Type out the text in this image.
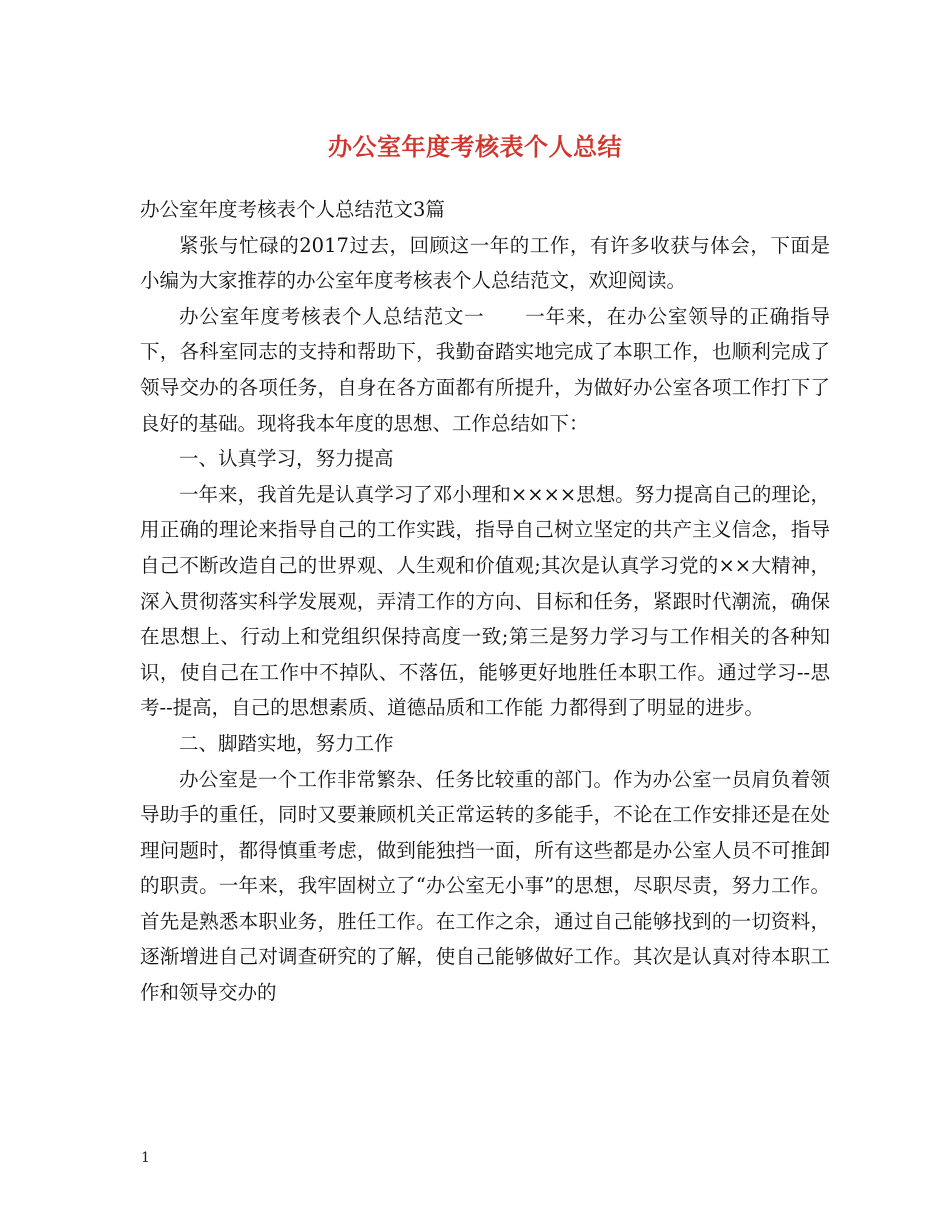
办公室年度考核表个人总结

办公室年度考核表个人总结范文3篇

紧张与忙碌的2017过去，回顾这一年的工作，有许多收获与体会，下面是小编为大家推荐的办公室年度考核表个人总结范文，欢迎阅读。

办公室年度考核表个人总结范文一　　一年来，在办公室领导的正确指导下，各科室同志的支持和帮助下，我勤奋踏实地完成了本职工作，也顺利完成了领导交办的各项任务，自身在各方面都有所提升，为做好办公室各项工作打下了良好的基础。现将我本年度的思想、工作总结如下：

一、认真学习，努力提高

一年来，我首先是认真学习了邓小理和××××思想。努力提高自己的理论，用正确的理论来指导自己的工作实践，指导自己树立坚定的共产主义信念，指导自己不断改造自己的世界观、人生观和价值观;其次是认真学习党的××大精神，深入贯彻落实科学发展观，弄清工作的方向、目标和任务，紧跟时代潮流，确保在思想上、行动上和党组织保持高度一致;第三是努力学习与工作相关的各种知识，使自己在工作中不掉队、不落伍，能够更好地胜任本职工作。通过学习--思考--提高，自己的思想素质、道德品质和工作能 力都得到了明显的进步。

二、脚踏实地，努力工作

办公室是一个工作非常繁杂、任务比较重的部门。作为办公室一员肩负着领导助手的重任，同时又要兼顾机关正常运转的多能手，不论在工作安排还是在处理问题时，都得慎重考虑，做到能独挡一面，所有这些都是办公室人员不可推卸的职责。一年来，我牢固树立了“办公室无小事”的思想，尽职尽责，努力工作。首先是熟悉本职业务，胜任工作。在工作之余，通过自己能够找到的一切资料，逐渐增进自己对调查研究的了解，使自己能够做好工作。其次是认真对待本职工作和领导交办的

1
